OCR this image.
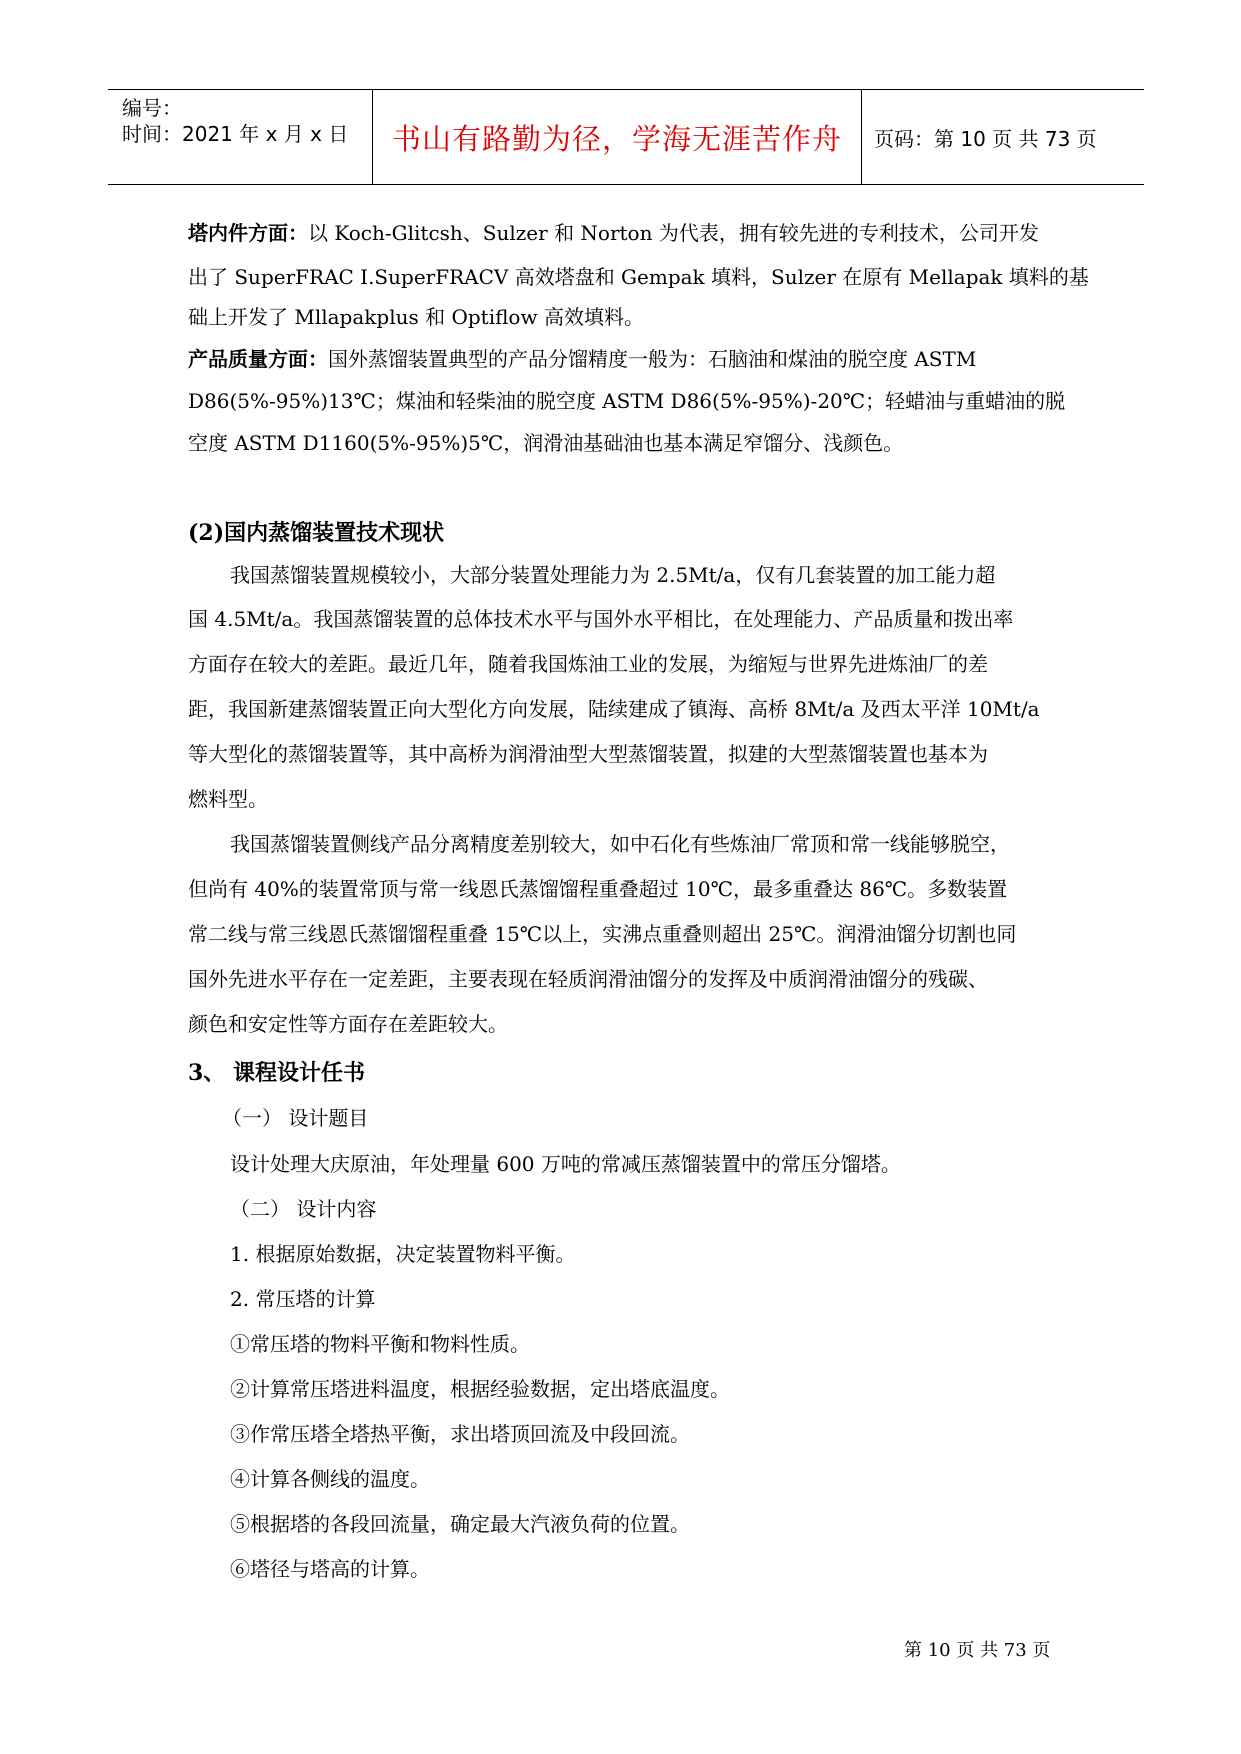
编号：
时间：2021 年 x 月 x 日	书山有路勤为径，学海无涯苦作舟	页码：第 10 页 共 73 页
塔内件方面：以 Koch-Glitcsh、Sulzer 和 Norton 为代表，拥有较先进的专利技术，公司开发
出了 SuperFRAC I.SuperFRACV 高效塔盘和 Gempak 填料，Sulzer 在原有 Mellapak 填料的基
础上开发了 Mllapakplus 和 Optiflow 高效填料。
产品质量方面：国外蒸馏装置典型的产品分馏精度一般为：石脑油和煤油的脱空度 ASTM
D86(5%-95%)13℃；煤油和轻柴油的脱空度 ASTM D86(5%-95%)-20℃；轻蜡油与重蜡油的脱
空度 ASTM D1160(5%-95%)5℃，润滑油基础油也基本满足窄馏分、浅颜色。
(2)国内蒸馏装置技术现状
我国蒸馏装置规模较小，大部分装置处理能力为 2.5Mt/a，仅有几套装置的加工能力超
国 4.5Mt/a。我国蒸馏装置的总体技术水平与国外水平相比，在处理能力、产品质量和拨出率
方面存在较大的差距。最近几年，随着我国炼油工业的发展，为缩短与世界先进炼油厂的差
距，我国新建蒸馏装置正向大型化方向发展，陆续建成了镇海、高桥 8Mt/a 及西太平洋 10Mt/a
等大型化的蒸馏装置等，其中高桥为润滑油型大型蒸馏装置，拟建的大型蒸馏装置也基本为
燃料型。
我国蒸馏装置侧线产品分离精度差别较大，如中石化有些炼油厂常顶和常一线能够脱空，
但尚有 40%的装置常顶与常一线恩氏蒸馏馏程重叠超过 10℃，最多重叠达 86℃。多数装置
常二线与常三线恩氏蒸馏馏程重叠 15℃以上，实沸点重叠则超出 25℃。润滑油馏分切割也同
国外先进水平存在一定差距，主要表现在轻质润滑油馏分的发挥及中质润滑油馏分的残碳、
颜色和安定性等方面存在差距较大。
3、 课程设计任书
（一） 设计题目
设计处理大庆原油，年处理量 600 万吨的常减压蒸馏装置中的常压分馏塔。
（二） 设计内容
1. 根据原始数据，决定装置物料平衡。
2. 常压塔的计算
①常压塔的物料平衡和物料性质。
②计算常压塔进料温度，根据经验数据，定出塔底温度。
③作常压塔全塔热平衡，求出塔顶回流及中段回流。
④计算各侧线的温度。
⑤根据塔的各段回流量，确定最大汽液负荷的位置。
⑥塔径与塔高的计算。
第 10 页 共 73 页
